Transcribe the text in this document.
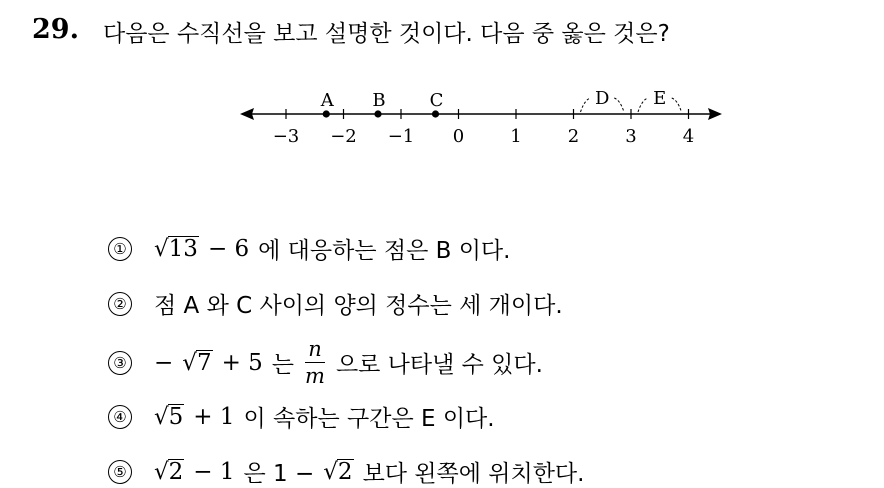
29. 다음은 수직선을 보고 설명한 것이다. 다음 중 옳은 것은?
−3 −2 −1 0	1	2	3	4
D E
A B C
① √ 13 − 6 에 대응하는 점은 B 이다.
② 점 A 와 C 사이의 양의 정수는 세 개이다.
③ − √ 7 + 5 는 $\frac{n}{m}$ 으로 나타낼 수 있다.
④ √ 5 + 1 이 속하는 구간은 E 이다.
⑤ √ 2 − 1 은 1 − √ 2 보다 왼쪽에 위치한다.
